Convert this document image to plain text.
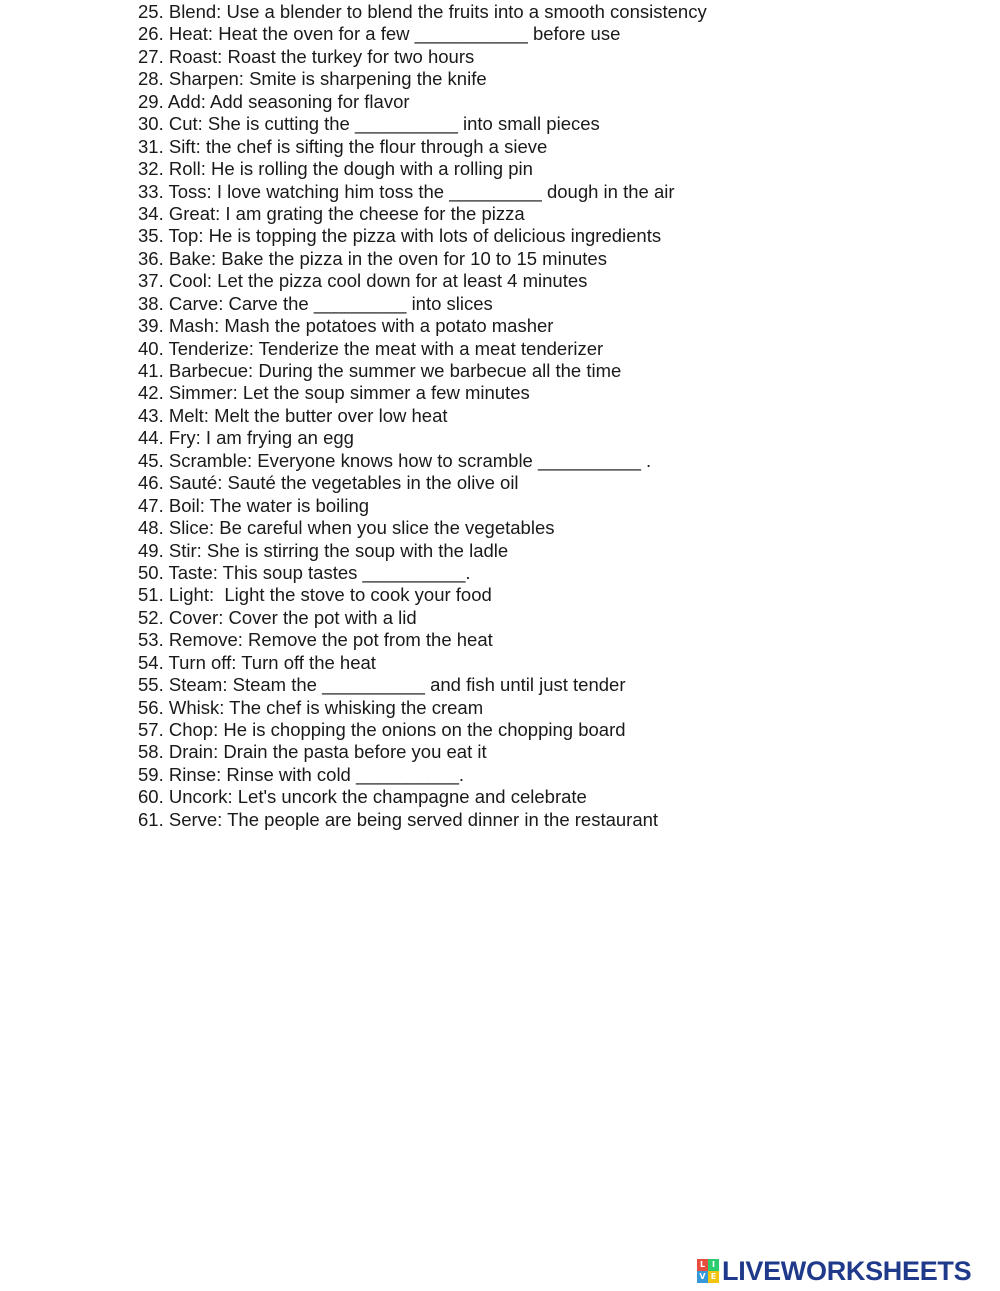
25. Blend: Use a blender to blend the fruits into a smooth consistency
26. Heat: Heat the oven for a few ___________ before use
27. Roast: Roast the turkey for two hours
28. Sharpen: Smite is sharpening the knife
29. Add: Add seasoning for flavor
30. Cut: She is cutting the __________ into small pieces
31. Sift: the chef is sifting the flour through a sieve
32. Roll: He is rolling the dough with a rolling pin
33. Toss: I love watching him toss the _________ dough in the air
34. Great: I am grating the cheese for the pizza
35. Top: He is topping the pizza with lots of delicious ingredients
36. Bake: Bake the pizza in the oven for 10 to 15 minutes
37. Cool: Let the pizza cool down for at least 4 minutes
38. Carve: Carve the _________ into slices
39. Mash: Mash the potatoes with a potato masher
40. Tenderize: Tenderize the meat with a meat tenderizer
41. Barbecue: During the summer we barbecue all the time
42. Simmer: Let the soup simmer a few minutes
43. Melt: Melt the butter over low heat
44. Fry: I am frying an egg
45. Scramble: Everyone knows how to scramble __________ .
46. Sauté: Sauté the vegetables in the olive oil
47. Boil: The water is boiling
48. Slice: Be careful when you slice the vegetables
49. Stir: She is stirring the soup with the ladle
50. Taste: This soup tastes __________.
51. Light:  Light the stove to cook your food
52. Cover: Cover the pot with a lid
53. Remove: Remove the pot from the heat
54. Turn off: Turn off the heat
55. Steam: Steam the __________ and fish until just tender
56. Whisk: The chef is whisking the cream
57. Chop: He is chopping the onions on the chopping board
58. Drain: Drain the pasta before you eat it
59. Rinse: Rinse with cold __________.
60. Uncork: Let's uncork the champagne and celebrate
61. Serve: The people are being served dinner in the restaurant
L I
V E LIVEWORKSHEETS
